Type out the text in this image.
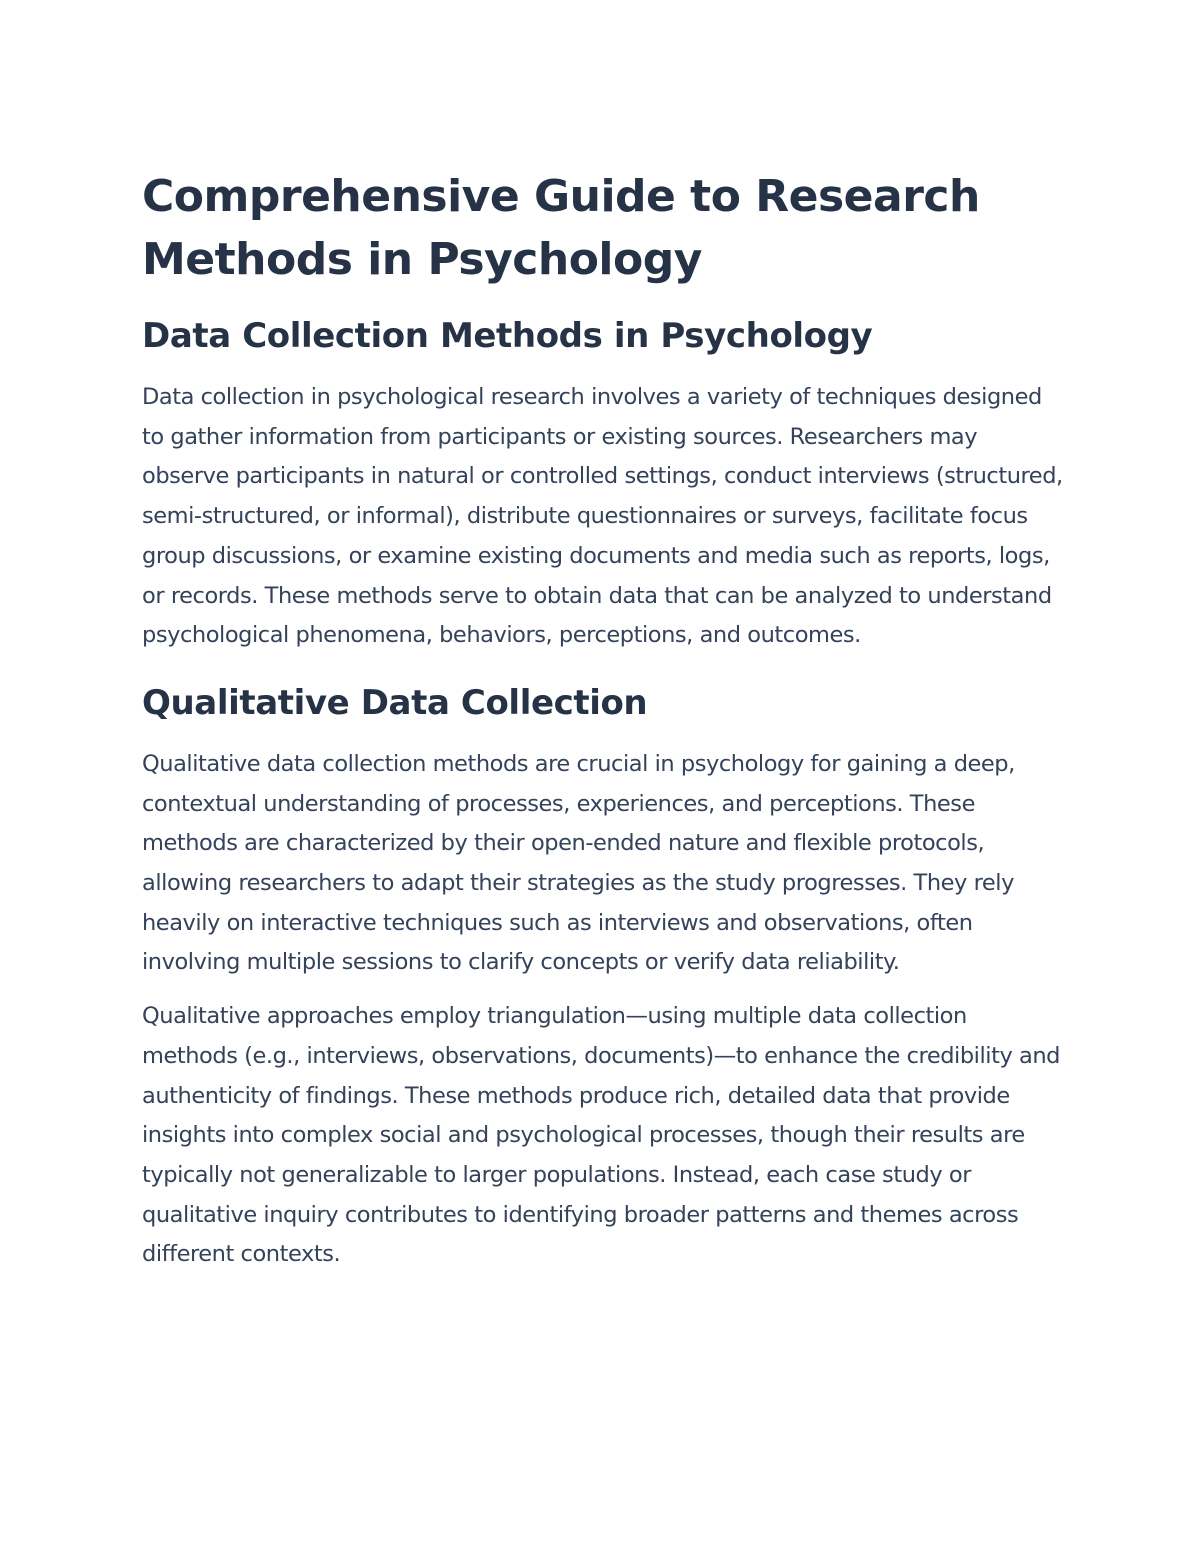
Comprehensive Guide to Research Methods in Psychology
Data Collection Methods in Psychology

Data collection in psychological research involves a variety of techniques designed to gather information from participants or existing sources. Researchers may observe participants in natural or controlled settings, conduct interviews (structured, semi-structured, or informal), distribute questionnaires or surveys, facilitate focus group discussions, or examine existing documents and media such as reports, logs, or records. These methods serve to obtain data that can be analyzed to understand psychological phenomena, behaviors, perceptions, and outcomes.

Qualitative Data Collection

Qualitative data collection methods are crucial in psychology for gaining a deep, contextual understanding of processes, experiences, and perceptions. These methods are characterized by their open-ended nature and flexible protocols, allowing researchers to adapt their strategies as the study progresses. They rely heavily on interactive techniques such as interviews and observations, often involving multiple sessions to clarify concepts or verify data reliability.

Qualitative approaches employ triangulation—using multiple data collection methods (e.g., interviews, observations, documents)—to enhance the credibility and authenticity of findings. These methods produce rich, detailed data that provide insights into complex social and psychological processes, though their results are typically not generalizable to larger populations. Instead, each case study or qualitative inquiry contributes to identifying broader patterns and themes across different contexts.
